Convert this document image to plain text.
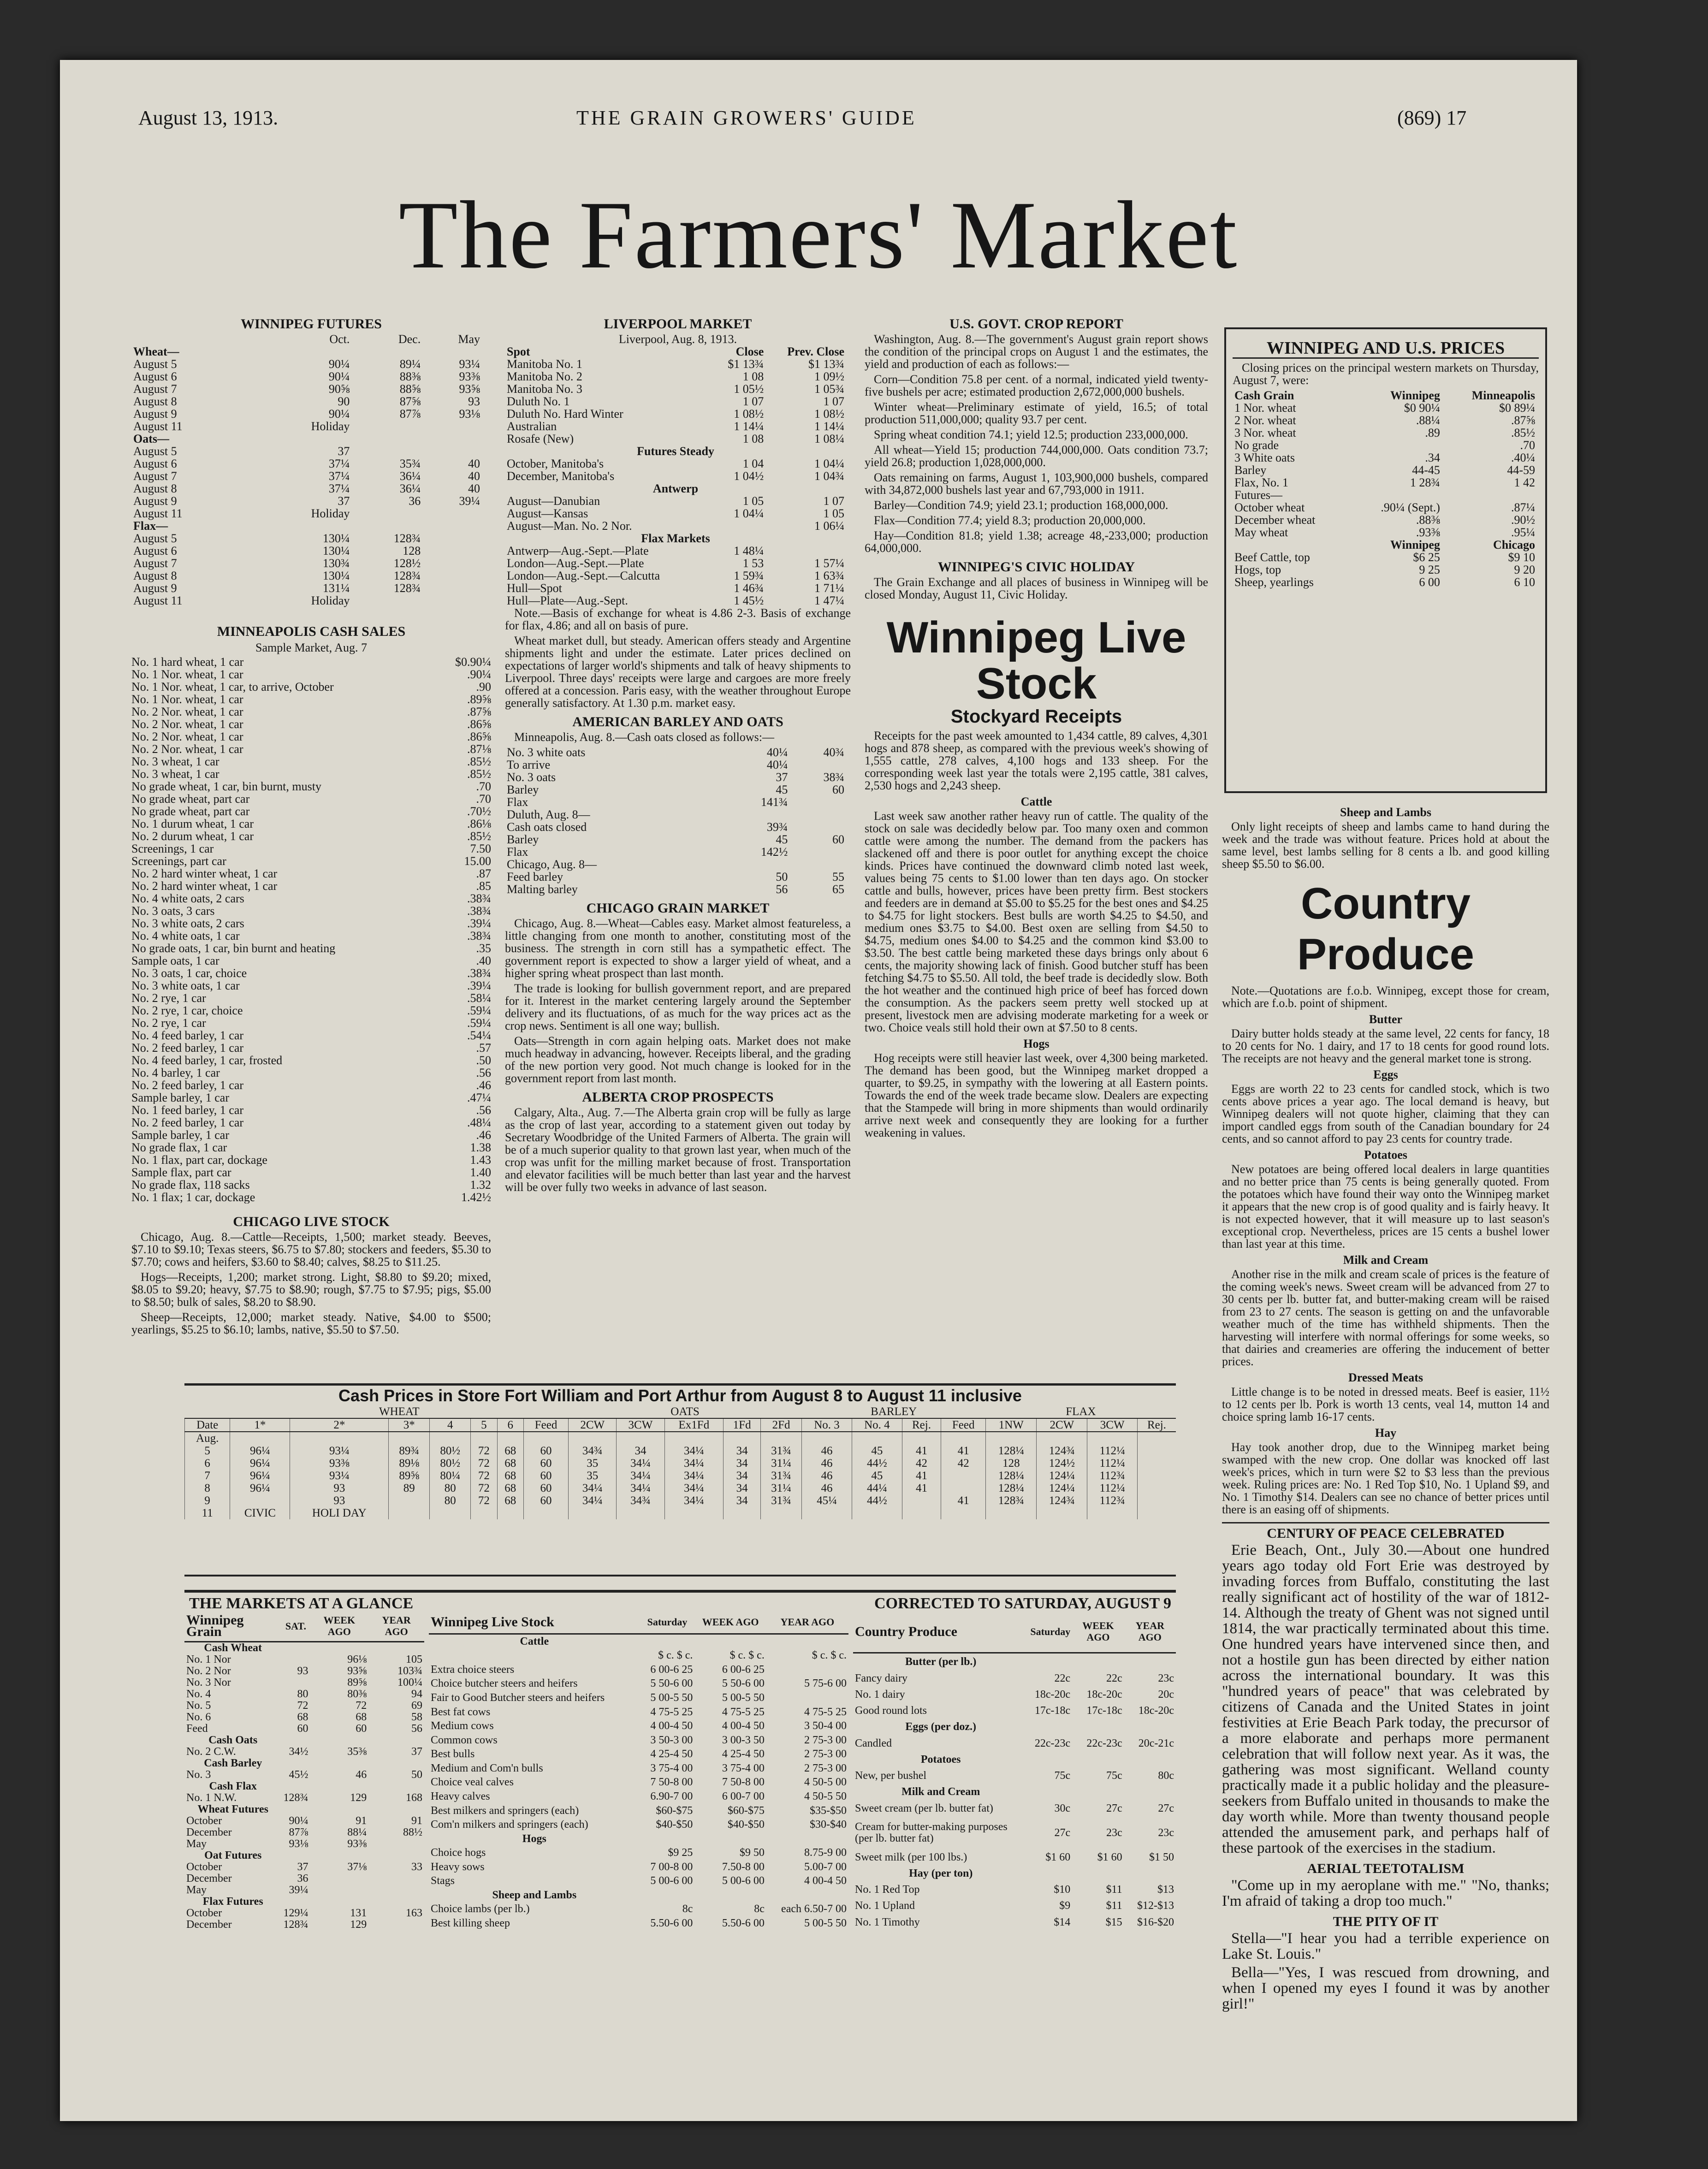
August 13, 1913.	THE GRAIN GROWERS' GUIDE	(869) 17
The Farmers' Market
WINNIPEG FUTURES
	Oct.	Dec.	May
Wheat—			
August 5	90¼	89¼	93¼
August 6	90¼	88⅜	93⅜
August 7	90⅝	88⅝	93⅝
August 8	90	87⅝	93
August 9	90¼	87⅞	93⅛
August 11	Holiday		
Oats—			
August 5	37		
August 6	37¼	35¾	40
August 7	37¼	36¼	40
August 8	37¼	36¼	40
August 9	37	36	39¼
August 11	Holiday		
Flax—			
August 5	130¼	128¾	
August 6	130¼	128	
August 7	130¾	128½	
August 8	130¼	128¾	
August 9	131¼	128¾	
August 11	Holiday		
MINNEAPOLIS CASH SALES
Sample Market, Aug. 7
No. 1 hard wheat, 1 car	$0.90¼
No. 1 Nor. wheat, 1 car	.90¼
No. 1 Nor. wheat, 1 car, to arrive, October	.90
No. 1 Nor. wheat, 1 car	.89⅝
No. 2 Nor. wheat, 1 car	.87⅝
No. 2 Nor. wheat, 1 car	.86⅝
No. 2 Nor. wheat, 1 car	.86⅝
No. 2 Nor. wheat, 1 car	.87⅛
No. 3 wheat, 1 car	.85½
No. 3 wheat, 1 car	.85½
No grade wheat, 1 car, bin burnt, musty	.70
No grade wheat, part car	.70
No grade wheat, part car	.70½
No. 1 durum wheat, 1 car	.86⅛
No. 2 durum wheat, 1 car	.85½
Screenings, 1 car	7.50
Screenings, part car	15.00
No. 2 hard winter wheat, 1 car	.87
No. 2 hard winter wheat, 1 car	.85
No. 4 white oats, 2 cars	.38¾
No. 3 oats, 3 cars	.38¾
No. 3 white oats, 2 cars	.39¼
No. 4 white oats, 1 car	.38¾
No grade oats, 1 car, bin burnt and heating	.35
Sample oats, 1 car	.40
No. 3 oats, 1 car, choice	.38¾
No. 3 white oats, 1 car	.39¼
No. 2 rye, 1 car	.58¼
No. 2 rye, 1 car, choice	.59¼
No. 2 rye, 1 car	.59¼
No. 4 feed barley, 1 car	.54¼
No. 2 feed barley, 1 car	.57
No. 4 feed barley, 1 car, frosted	.50
No. 4 barley, 1 car	.56
No. 2 feed barley, 1 car	.46
Sample barley, 1 car	.47¼
No. 1 feed barley, 1 car	.56
No. 2 feed barley, 1 car	.48¼
Sample barley, 1 car	.46
No grade flax, 1 car	1.38
No. 1 flax, part car, dockage	1.43
Sample flax, part car	1.40
No grade flax, 118 sacks	1.32
No. 1 flax; 1 car, dockage	1.42½
CHICAGO LIVE STOCK

Chicago, Aug. 8.—Cattle—Receipts, 1,500; market steady. Beeves, $7.10 to $9.10; Texas steers, $6.75 to $7.80; stockers and feeders, $5.30 to $7.70; cows and heifers, $3.60 to $8.40; calves, $8.25 to $11.25.

Hogs—Receipts, 1,200; market strong. Light, $8.80 to $9.20; mixed, $8.05 to $9.20; heavy, $7.75 to $8.90; rough, $7.75 to $7.95; pigs, $5.00 to $8.50; bulk of sales, $8.20 to $8.90.

Sheep—Receipts, 12,000; market steady. Native, $4.00 to $500; yearlings, $5.25 to $6.10; lambs, native, $5.50 to $7.50.

LIVERPOOL MARKET
Liverpool, Aug. 8, 1913.
Spot	Close	Prev. Close
Manitoba No. 1	$1 13¾	$1 13¾
Manitoba No. 2	1 08	1 09½
Manitoba No. 3	1 05½	1 05¾
Duluth No. 1	1 07	1 07
Duluth No. Hard Winter	1 08½	1 08½
Australian	1 14¼	1 14¼
Rosafe (New)	1 08	1 08¼
Futures Steady		
October, Manitoba's	1 04	1 04¼
December, Manitoba's	1 04½	1 04¾
Antwerp		
August—Danubian	1 05	1 07
August—Kansas	1 04¼	1 05
August—Man. No. 2 Nor.		1 06¼
Flax Markets		
Antwerp—Aug.-Sept.—Plate	1 48¼	
London—Aug.-Sept.—Plate	1 53	1 57¼
London—Aug.-Sept.—Calcutta	1 59¾	1 63¾
Hull—Spot	1 46¾	1 71¼
Hull—Plate—Aug.-Sept.	1 45½	1 47¼

Note.—Basis of exchange for wheat is 4.86 2-3. Basis of exchange for flax, 4.86; and all on basis of pure.

Wheat market dull, but steady. American offers steady and Argentine shipments light and under the estimate. Later prices declined on expectations of larger world's shipments and talk of heavy shipments to Liverpool. Three days' receipts were large and cargoes are more freely offered at a concession. Paris easy, with the weather throughout Europe generally satisfactory. At 1.30 p.m. market easy.

AMERICAN BARLEY AND OATS

Minneapolis, Aug. 8.—Cash oats closed as follows:—

No. 3 white oats	40¼	40¾
To arrive	40¼	
No. 3 oats	37	38¾
Barley	45	60
Flax	141¾	
Duluth, Aug. 8—		
Cash oats closed	39¾	
Barley	45	60
Flax	142½	
Chicago, Aug. 8—		
Feed barley	50	55
Malting barley	56	65
CHICAGO GRAIN MARKET

Chicago, Aug. 8.—Wheat—Cables easy. Market almost featureless, a little changing from one month to another, constituting most of the business. The strength in corn still has a sympathetic effect. The government report is expected to show a larger yield of wheat, and a higher spring wheat prospect than last month.

The trade is looking for bullish government report, and are prepared for it. Interest in the market centering largely around the September delivery and its fluctuations, of as much for the way prices act as the crop news. Sentiment is all one way; bullish.

Oats—Strength in corn again helping oats. Market does not make much headway in advancing, however. Receipts liberal, and the grading of the new portion very good. Not much change is looked for in the government report from last month.

ALBERTA CROP PROSPECTS

Calgary, Alta., Aug. 7.—The Alberta grain crop will be fully as large as the crop of last year, according to a statement given out today by Secretary Woodbridge of the United Farmers of Alberta. The grain will be of a much superior quality to that grown last year, when much of the crop was unfit for the milling market because of frost. Transportation and elevator facilities will be much better than last year and the harvest will be over fully two weeks in advance of last season.

U.S. GOVT. CROP REPORT

Washington, Aug. 8.—The government's August grain report shows the condition of the principal crops on August 1 and the estimates, the yield and production of each as follows:—

Corn—Condition 75.8 per cent. of a normal, indicated yield twenty-five bushels per acre; estimated production 2,672,000,000 bushels.

Winter wheat—Preliminary estimate of yield, 16.5; of total production 511,000,000; quality 93.7 per cent.

Spring wheat condition 74.1; yield 12.5; production 233,000,000.

All wheat—Yield 15; production 744,000,000. Oats condition 73.7; yield 26.8; production 1,028,000,000.

Oats remaining on farms, August 1, 103,900,000 bushels, compared with 34,872,000 bushels last year and 67,793,000 in 1911.

Barley—Condition 74.9; yield 23.1; production 168,000,000.

Flax—Condition 77.4; yield 8.3; production 20,000,000.

Hay—Condition 81.8; yield 1.38; acreage 48,-233,000; production 64,000,000.

WINNIPEG'S CIVIC HOLIDAY

The Grain Exchange and all places of business in Winnipeg will be closed Monday, August 11, Civic Holiday.

Winnipeg Live Stock
Stockyard Receipts

Receipts for the past week amounted to 1,434 cattle, 89 calves, 4,301 hogs and 878 sheep, as compared with the previous week's showing of 1,555 cattle, 278 calves, 4,100 hogs and 133 sheep. For the corresponding week last year the totals were 2,195 cattle, 381 calves, 2,530 hogs and 2,243 sheep.

Cattle

Last week saw another rather heavy run of cattle. The quality of the stock on sale was decidedly below par. Too many oxen and common cattle were among the number. The demand from the packers has slackened off and there is poor outlet for anything except the choice kinds. Prices have continued the downward climb noted last week, values being 75 cents to $1.00 lower than ten days ago. On stocker cattle and bulls, however, prices have been pretty firm. Best stockers and feeders are in demand at $5.00 to $5.25 for the best ones and $4.25 to $4.75 for light stockers. Best bulls are worth $4.25 to $4.50, and medium ones $3.75 to $4.00. Best oxen are selling from $4.50 to $4.75, medium ones $4.00 to $4.25 and the common kind $3.00 to $3.50. The best cattle being marketed these days brings only about 6 cents, the majority showing lack of finish. Good butcher stuff has been fetching $4.75 to $5.50. All told, the beef trade is decidedly slow. Both the hot weather and the continued high price of beef has forced down the consumption. As the packers seem pretty well stocked up at present, livestock men are advising moderate marketing for a week or two. Choice veals still hold their own at $7.50 to 8 cents.

Hogs

Hog receipts were still heavier last week, over 4,300 being marketed. The demand has been good, but the Winnipeg market dropped a quarter, to $9.25, in sympathy with the lowering at all Eastern points. Towards the end of the week trade became slow. Dealers are expecting that the Stampede will bring in more shipments than would ordinarily arrive next week and consequently they are looking for a further weakening in values.

WINNIPEG AND U.S. PRICES

Closing prices on the principal western markets on Thursday, August 7, were:

Cash Grain	Winnipeg	Minneapolis
1 Nor. wheat	$0 90¼	$0 89¼
2 Nor. wheat	.88¼	.87⅝
3 Nor. wheat	.89	.85½
No grade		.70
3 White oats	.34	.40¼
Barley	44-45	44-59
Flax, No. 1	1 28¾	1 42
Futures—		
October wheat	.90¼ (Sept.)	.87¼
December wheat	.88⅜	.90½
May wheat	.93⅜	.95¼
	Winnipeg	Chicago
Beef Cattle, top	$6 25	$9 10
Hogs, top	9 25	9 20
Sheep, yearlings	6 00	6 10
Sheep and Lambs

Only light receipts of sheep and lambs came to hand during the week and the trade was without feature. Prices hold at about the same level, best lambs selling for 8 cents a lb. and good killing sheep $5.50 to $6.00.

Country Produce

Note.—Quotations are f.o.b. Winnipeg, except those for cream, which are f.o.b. point of shipment.

Butter

Dairy butter holds steady at the same level, 22 cents for fancy, 18 to 20 cents for No. 1 dairy, and 17 to 18 cents for good round lots. The receipts are not heavy and the general market tone is strong.

Eggs

Eggs are worth 22 to 23 cents for candled stock, which is two cents above prices a year ago. The local demand is heavy, but Winnipeg dealers will not quote higher, claiming that they can import candled eggs from south of the Canadian boundary for 24 cents, and so cannot afford to pay 23 cents for country trade.

Potatoes

New potatoes are being offered local dealers in large quantities and no better price than 75 cents is being generally quoted. From the potatoes which have found their way onto the Winnipeg market it appears that the new crop is of good quality and is fairly heavy. It is not expected however, that it will measure up to last season's exceptional crop. Nevertheless, prices are 15 cents a bushel lower than last year at this time.

Milk and Cream

Another rise in the milk and cream scale of prices is the feature of the coming week's news. Sweet cream will be advanced from 27 to 30 cents per lb. butter fat, and butter-making cream will be raised from 23 to 27 cents. The season is getting on and the unfavorable weather much of the time has withheld shipments. Then the harvesting will interfere with normal offerings for some weeks, so that dairies and creameries are offering the inducement of better prices.

Dressed Meats

Little change is to be noted in dressed meats. Beef is easier, 11½ to 12 cents per lb. Pork is worth 13 cents, veal 14, mutton 14 and choice spring lamb 16-17 cents.

Hay

Hay took another drop, due to the Winnipeg market being swamped with the new crop. One dollar was knocked off last week's prices, which in turn were $2 to $3 less than the previous week. Ruling prices are: No. 1 Red Top $10, No. 1 Upland $9, and No. 1 Timothy $14. Dealers can see no chance of better prices until there is an easing off of shipments.

CENTURY OF PEACE CELEBRATED

Erie Beach, Ont., July 30.—About one hundred years ago today old Fort Erie was destroyed by invading forces from Buffalo, constituting the last really significant act of hostility of the war of 1812-14. Although the treaty of Ghent was not signed until 1814, the war practically terminated about this time. One hundred years have intervened since then, and not a hostile gun has been directed by either nation across the international boundary. It was this "hundred years of peace" that was celebrated by citizens of Canada and the United States in joint festivities at Erie Beach Park today, the precursor of a more elaborate and perhaps more permanent celebration that will follow next year. As it was, the gathering was most significant. Welland county practically made it a public holiday and the pleasure-seekers from Buffalo united in thousands to make the day worth while. More than twenty thousand people attended the amusement park, and perhaps half of these partook of the exercises in the stadium.

AERIAL TEETOTALISM

"Come up in my aeroplane with me." "No, thanks; I'm afraid of taking a drop too much."

THE PITY OF IT

Stella—"I hear you had a terrible experience on Lake St. Louis."

Bella—"Yes, I was rescued from drowning, and when I opened my eyes I found it was by another girl!"

Cash Prices in Store Fort William and Port Arthur from August 8 to August 11 inclusive
	WHEAT							OATS					BARLEY				FLAX			
Date	1*	2*	3*	4	5	6	Feed	2CW	3CW	Ex1Fd	1Fd	2Fd	No. 3	No. 4	Rej.	Feed	1NW	2CW	3CW	Rej.
Aug.																				
5	96¼	93¼	89¾	80½	72	68	60	34¾	34	34¼	34	31¾	46	45	41	41	128¼	124¾	112¼	
6	96¼	93⅜	89⅛	80½	72	68	60	35	34¼	34¼	34	31¼	46	44½	42	42	128	124½	112¼	
7	96¼	93¼	89⅝	80¼	72	68	60	35	34¼	34¼	34	31¾	46	45	41		128¼	124¼	112¾	
8	96¼	93	89	80	72	68	60	34¼	34¼	34¼	34	31¼	46	44¼	41		128¼	124¼	112¼	
9		93		80	72	68	60	34¼	34¾	34¼	34	31¾	45¼	44½		41	128¾	124¾	112¾	
11	CIVIC	HOLI DAY																		
THE MARKETS AT A GLANCE	CORRECTED TO SATURDAY, AUGUST 9
Winnipeg Grain	SAT.	WEEK AGO	YEAR AGO
Cash Wheat			
No. 1 Nor		96⅛	105
No. 2 Nor	93	93⅝	103¾
No. 3 Nor		89⅝	100¼
No. 4	80	80⅜	94
No. 5	72	72	69
No. 6	68	68	58
Feed	60	60	56
Cash Oats			
No. 2 C.W.	34½	35⅜	37
Cash Barley			
No. 3	45½	46	50
Cash Flax			
No. 1 N.W.	128¾	129	168
Wheat Futures			
October	90¼	91	91
December	87⅞	88¼	88½
May	93⅛	93⅜	
Oat Futures			
October	37	37⅛	33
December	36		
May	39¼		
Flax Futures			
October	129¼	131	163
December	128¾	129	
Winnipeg Live Stock	Saturday	WEEK AGO	YEAR AGO
Cattle			
	$ c. $ c.	$ c. $ c.	$ c. $ c.
Extra choice steers	6 00-6 25	6 00-6 25	
Choice butcher steers and heifers	5 50-6 00	5 50-6 00	5 75-6 00
Fair to Good Butcher steers and heifers	5 00-5 50	5 00-5 50	
Best fat cows	4 75-5 25	4 75-5 25	4 75-5 25
Medium cows	4 00-4 50	4 00-4 50	3 50-4 00
Common cows	3 50-3 00	3 00-3 50	2 75-3 00
Best bulls	4 25-4 50	4 25-4 50	2 75-3 00
Medium and Com'n bulls	3 75-4 00	3 75-4 00	2 75-3 00
Choice veal calves	7 50-8 00	7 50-8 00	4 50-5 00
Heavy calves	6.90-7 00	6 00-7 00	4 50-5 50
Best milkers and springers (each)	$60-$75	$60-$75	$35-$50
Com'n milkers and springers (each)	$40-$50	$40-$50	$30-$40
Hogs			
Choice hogs	$9 25	$9 50	8.75-9 00
Heavy sows	7 00-8 00	7.50-8 00	5.00-7 00
Stags	5 00-6 00	5 00-6 00	4 00-4 50
Sheep and Lambs			
Choice lambs (per lb.)	8c	8c	each 6.50-7 00
Best killing sheep	5.50-6 00	5.50-6 00	5 00-5 50
Country Produce	Saturday	WEEK AGO	YEAR AGO
Butter (per lb.)			
Fancy dairy	22c	22c	23c
No. 1 dairy	18c-20c	18c-20c	20c
Good round lots	17c-18c	17c-18c	18c-20c
Eggs (per doz.)			
Candled	22c-23c	22c-23c	20c-21c
Potatoes			
New, per bushel	75c	75c	80c
Milk and Cream			
Sweet cream (per lb. butter fat)	30c	27c	27c
Cream for butter-making purposes (per lb. butter fat)	27c	23c	23c
Sweet milk (per 100 lbs.)	$1 60	$1 60	$1 50
Hay (per ton)			
No. 1 Red Top	$10	$11	$13
No. 1 Upland	$9	$11	$12-$13
No. 1 Timothy	$14	$15	$16-$20
